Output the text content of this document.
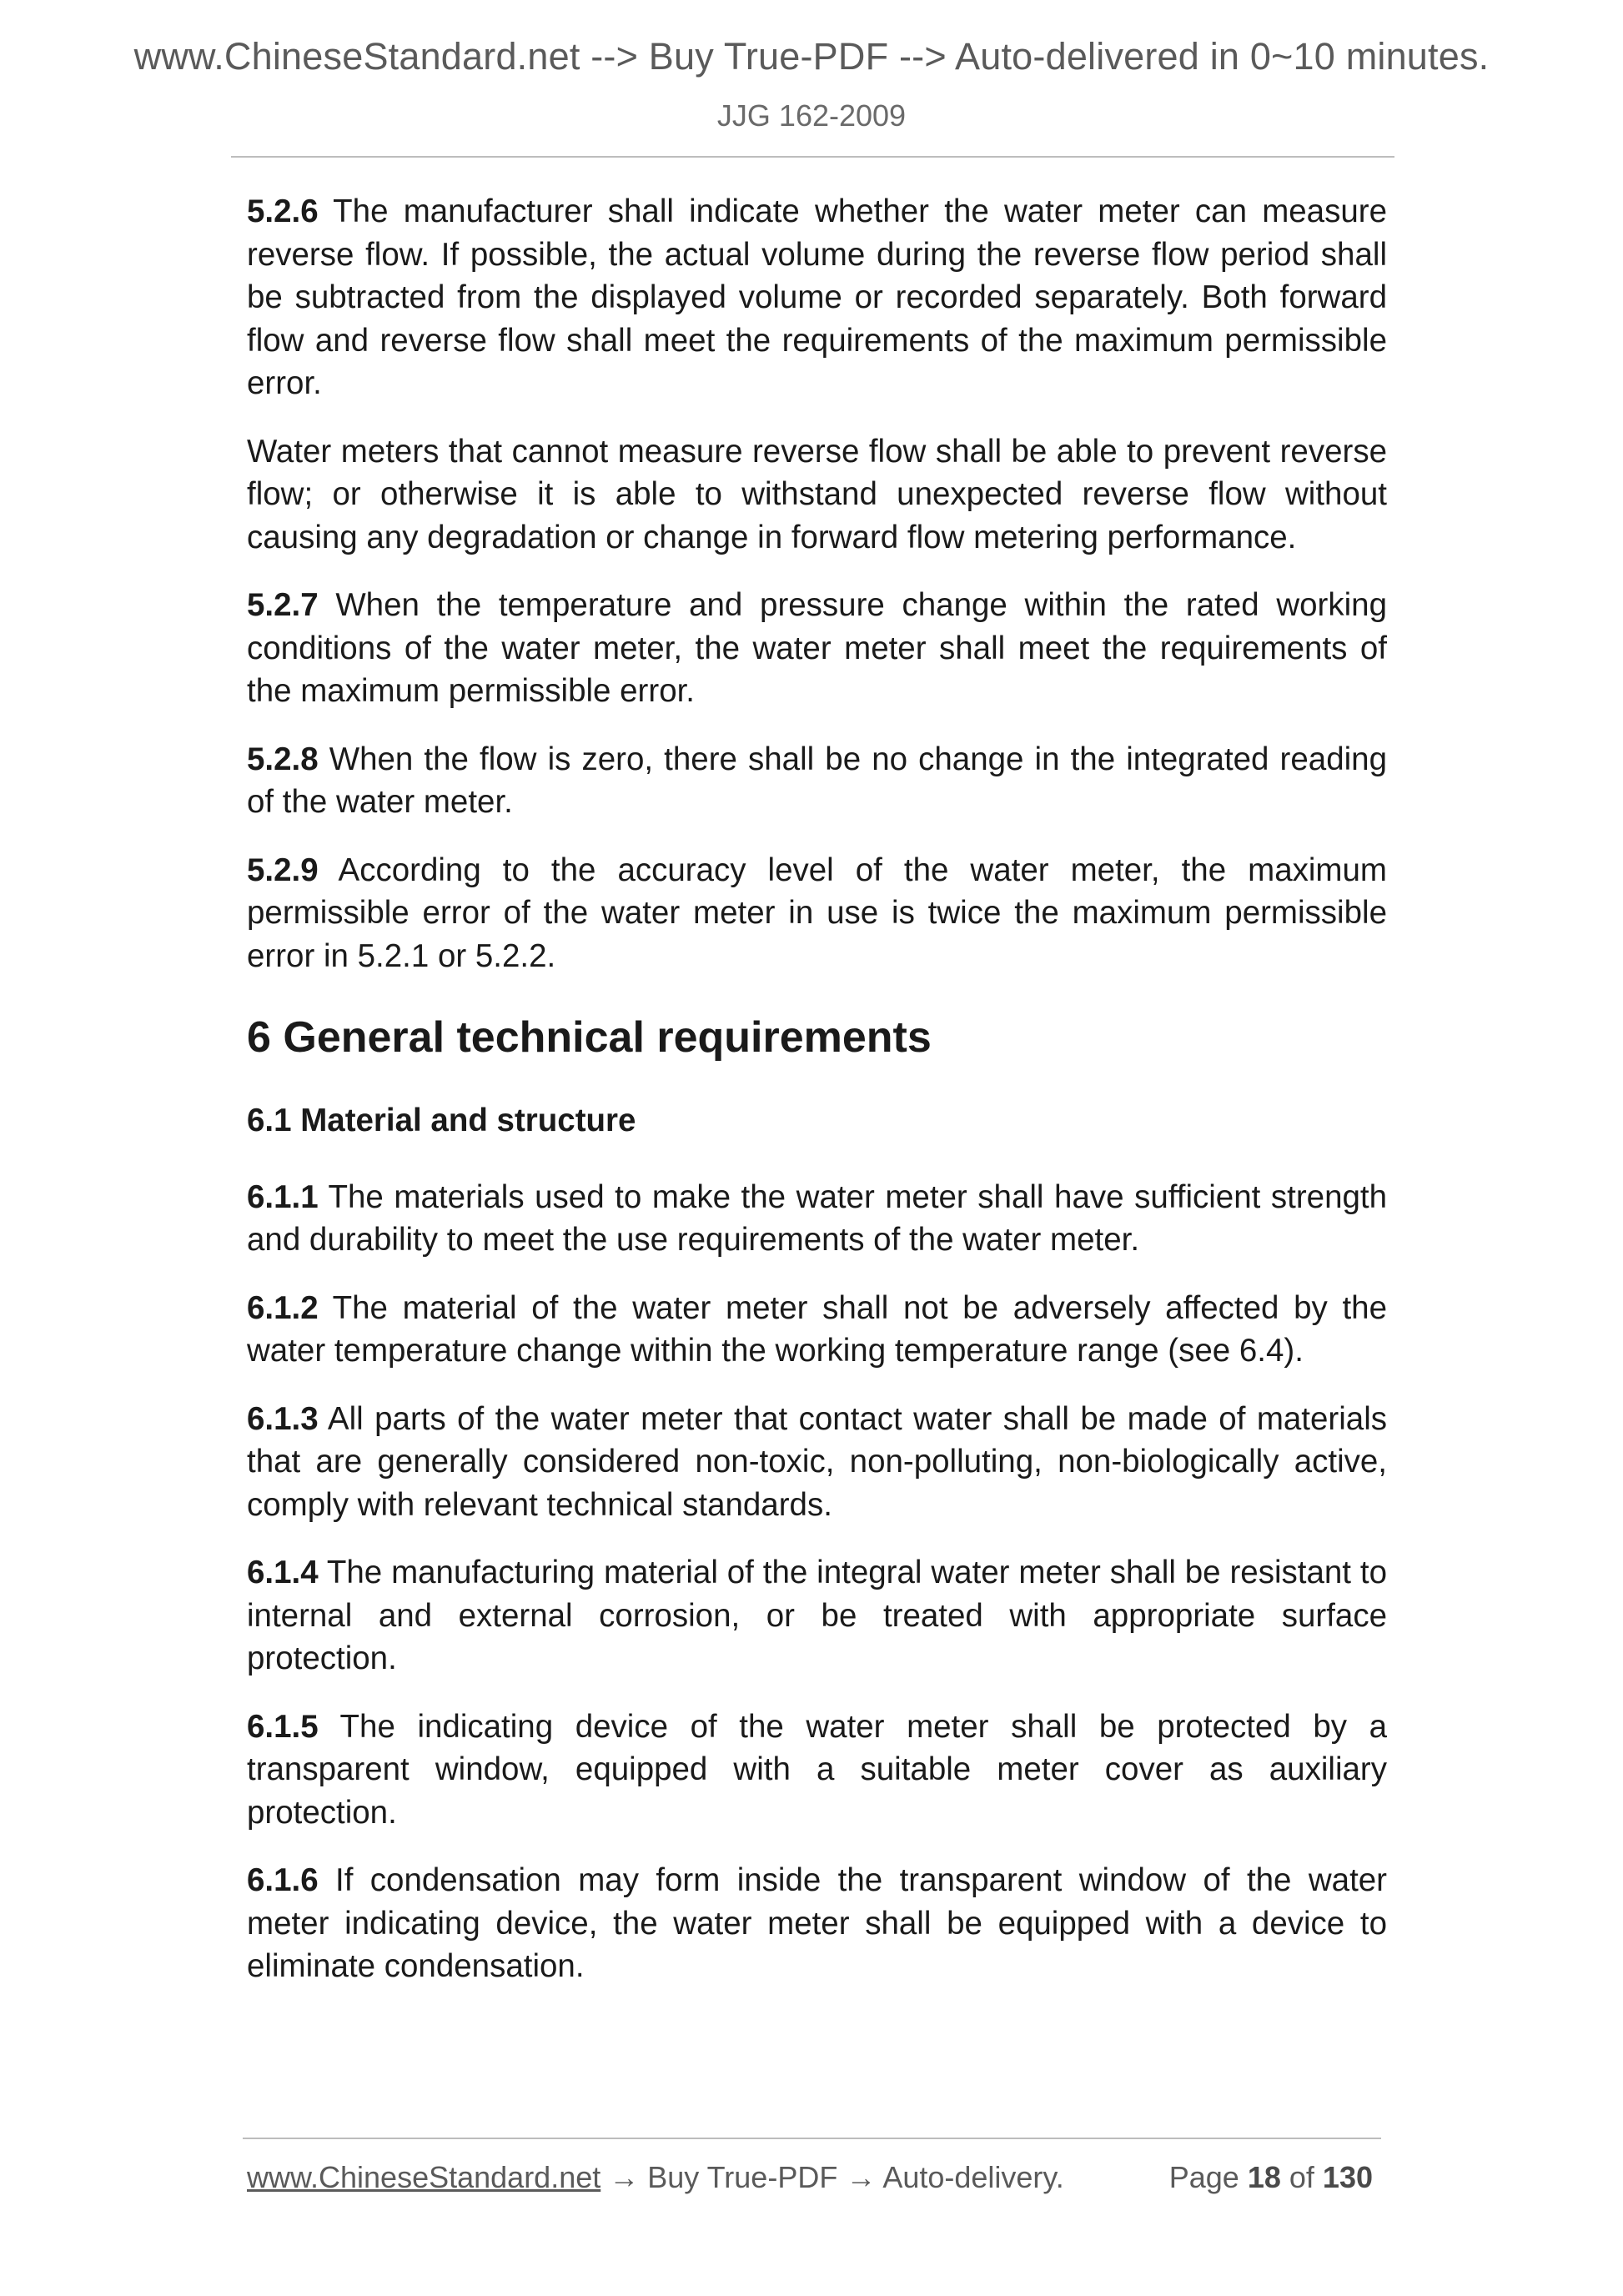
www.ChineseStandard.net --> Buy True-PDF --> Auto-delivered in 0~10 minutes.
JJG 162-2009

5.2.6 The manufacturer shall indicate whether the water meter can measure reverse flow. If possible, the actual volume during the reverse flow period shall be subtracted from the displayed volume or recorded separately. Both forward flow and reverse flow shall meet the requirements of the maximum permissible error.

Water meters that cannot measure reverse flow shall be able to prevent reverse flow; or otherwise it is able to withstand unexpected reverse flow without causing any degradation or change in forward flow metering performance.

5.2.7 When the temperature and pressure change within the rated working conditions of the water meter, the water meter shall meet the requirements of the maximum permissible error.

5.2.8 When the flow is zero, there shall be no change in the integrated reading of the water meter.

5.2.9 According to the accuracy level of the water meter, the maximum permissible error of the water meter in use is twice the maximum permissible error in 5.2.1 or 5.2.2.

6 General technical requirements
6.1 Material and structure

6.1.1 The materials used to make the water meter shall have sufficient strength and durability to meet the use requirements of the water meter.

6.1.2 The material of the water meter shall not be adversely affected by the water temperature change within the working temperature range (see 6.4).

6.1.3 All parts of the water meter that contact water shall be made of materials that are generally considered non-toxic, non-polluting, non-biologically active, comply with relevant technical standards.

6.1.4 The manufacturing material of the integral water meter shall be resistant to internal and external corrosion, or be treated with appropriate surface protection.

6.1.5 The indicating device of the water meter shall be protected by a transparent window, equipped with a suitable meter cover as auxiliary protection.

6.1.6 If condensation may form inside the transparent window of the water meter indicating device, the water meter shall be equipped with a device to eliminate condensation.

www.ChineseStandard.net → Buy True-PDF → Auto-delivery.	Page 18 of 130
